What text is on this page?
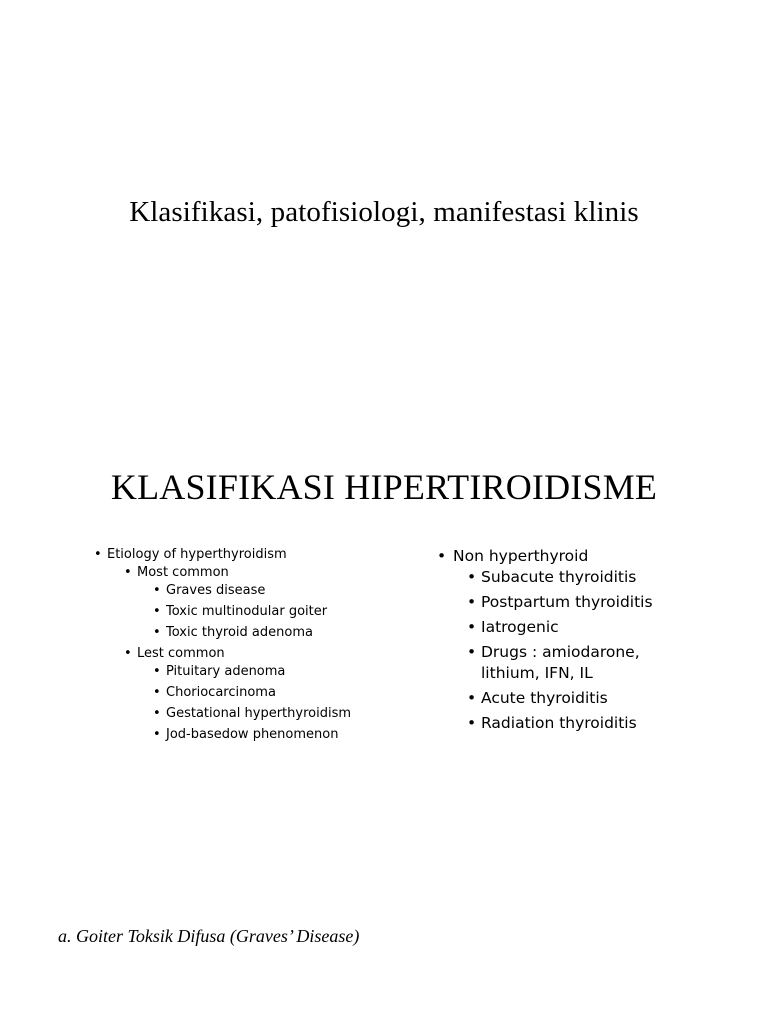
Klasifikasi, patofisiologi, manifestasi klinis
KLASIFIKASI HIPERTIROIDISME
• Etiology of hyperthyroidism
• Most common
• Graves disease
• Toxic multinodular goiter
• Toxic thyroid adenoma
• Lest common
• Pituitary adenoma
• Choriocarcinoma
• Gestational hyperthyroidism
• Jod-basedow phenomenon
• Non hyperthyroid
• Subacute thyroiditis
• Postpartum thyroiditis
• Iatrogenic
• Drugs : amiodarone, lithium, IFN, IL
• Acute thyroiditis
• Radiation thyroiditis

a. Goiter Toksik Difusa (Graves’ Disease)
